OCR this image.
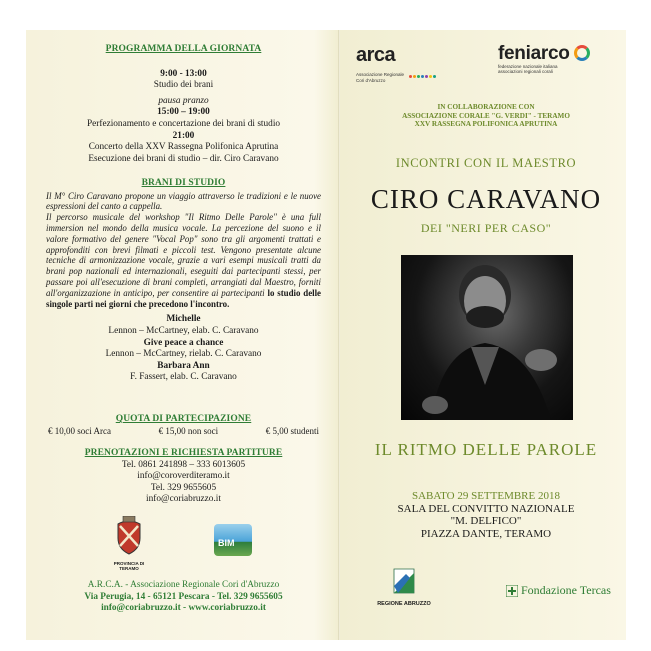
PROGRAMMA DELLA GIORNATA

9:00 - 13:00

Studio dei brani

pausa pranzo

15:00 – 19:00

Perfezionamento e concertazione dei brani di studio

21:00

Concerto della XXV Rassegna Polifonica Aprutina

Esecuzione dei brani di studio – dir. Ciro Caravano

BRANI DI STUDIO

Il M° Ciro Caravano propone un viaggio attraverso le tradizioni e le nuove espressioni del canto a cappella.

Il percorso musicale del workshop "Il Ritmo Delle Parole" è una full immersion nel mondo della musica vocale. La percezione del suono e il valore formativo del genere "Vocal Pop" sono tra gli argomenti trattati e approfonditi con brevi filmati e piccoli test. Vengono presentate alcune tecniche di armonizzazione vocale, grazie a vari esempi musicali tratti da brani pop nazionali ed internazionali, eseguiti dai partecipanti stessi, per passare poi all'esecuzione di brani completi, arrangiati dal Maestro, forniti all'organizzazione in anticipo, per consentire ai partecipanti lo studio delle singole parti nei giorni che precedono l'incontro.

Michelle

Lennon – McCartney, elab. C. Caravano

Give peace a chance

Lennon – McCartney, rielab. C. Caravano

Barbara Ann

F. Fassert, elab. C. Caravano

QUOTA DI PARTECIPAZIONE
€ 10,00 soci Arca	€ 15,00 non soci	€ 5,00 studenti
PRENOTAZIONI E RICHIESTA PARTITURE

Tel. 0861 241898 – 333 6013605

info@coroverditeramo.it

Tel. 329 9655605

info@coriabruzzo.it

PROVINCIA DI TERAMO
BIM

A.R.C.A. - Associazione Regionale Cori d'Abruzzo

Via Perugia, 14 - 65121 Pescara - Tel. 329 9655605

info@coriabruzzo.it - www.coriabruzzo.it

arca
Associazione Regionale
Cori d'Abruzzo
feniarco
federazione nazionale italiana
associazioni regionali corali
IN COLLABORAZIONE CON
ASSOCIAZIONE CORALE "G. VERDI" - TERAMO
XXV RASSEGNA POLIFONICA APRUTINA
INCONTRI CON IL MAESTRO
CIRO CARAVANO
DEI "NERI PER CASO"
IL RITMO DELLE PAROLE
SABATO 29 SETTEMBRE 2018
SALA DEL CONVITTO NAZIONALE
"M. DELFICO"
PIAZZA DANTE, TERAMO
REGIONE ABRUZZO
Fondazione Tercas
